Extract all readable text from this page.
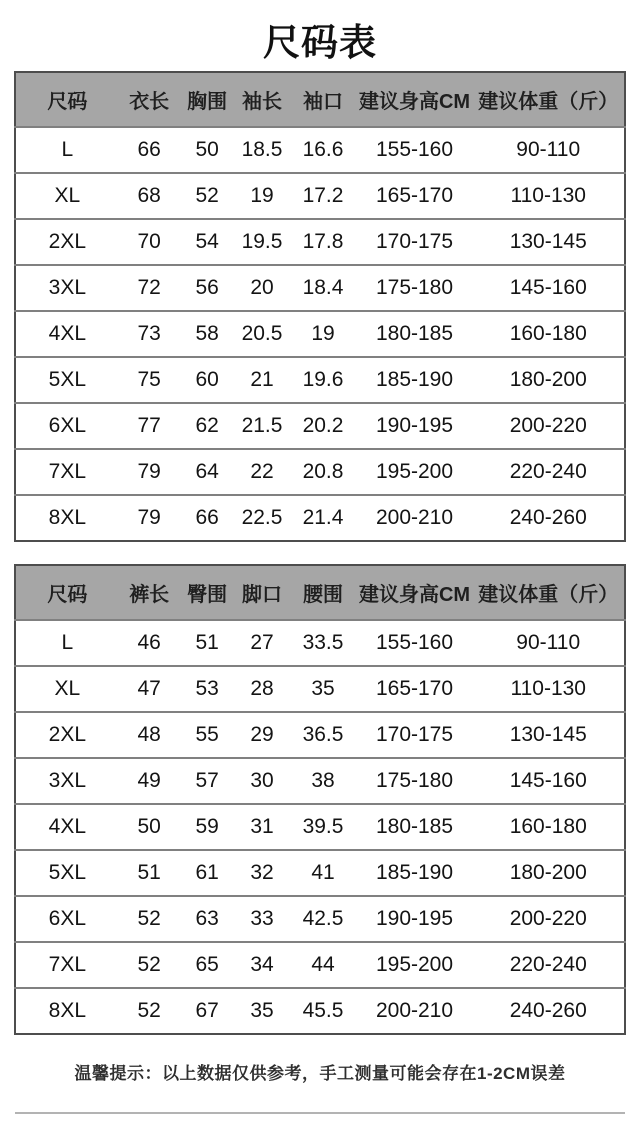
尺码表
尺码	衣长	胸围	袖长	袖口	建议身高CM	建议体重（斤）
L	66	50	18.5	16.6	155-160	90-110
XL	68	52	19	17.2	165-170	110-130
2XL	70	54	19.5	17.8	170-175	130-145
3XL	72	56	20	18.4	175-180	145-160
4XL	73	58	20.5	19	180-185	160-180
5XL	75	60	21	19.6	185-190	180-200
6XL	77	62	21.5	20.2	190-195	200-220
7XL	79	64	22	20.8	195-200	220-240
8XL	79	66	22.5	21.4	200-210	240-260
尺码	裤长	臀围	脚口	腰围	建议身高CM	建议体重（斤）
L	46	51	27	33.5	155-160	90-110
XL	47	53	28	35	165-170	110-130
2XL	48	55	29	36.5	170-175	130-145
3XL	49	57	30	38	175-180	145-160
4XL	50	59	31	39.5	180-185	160-180
5XL	51	61	32	41	185-190	180-200
6XL	52	63	33	42.5	190-195	200-220
7XL	52	65	34	44	195-200	220-240
8XL	52	67	35	45.5	200-210	240-260
温馨提示：以上数据仅供参考，手工测量可能会存在1-2CM误差
